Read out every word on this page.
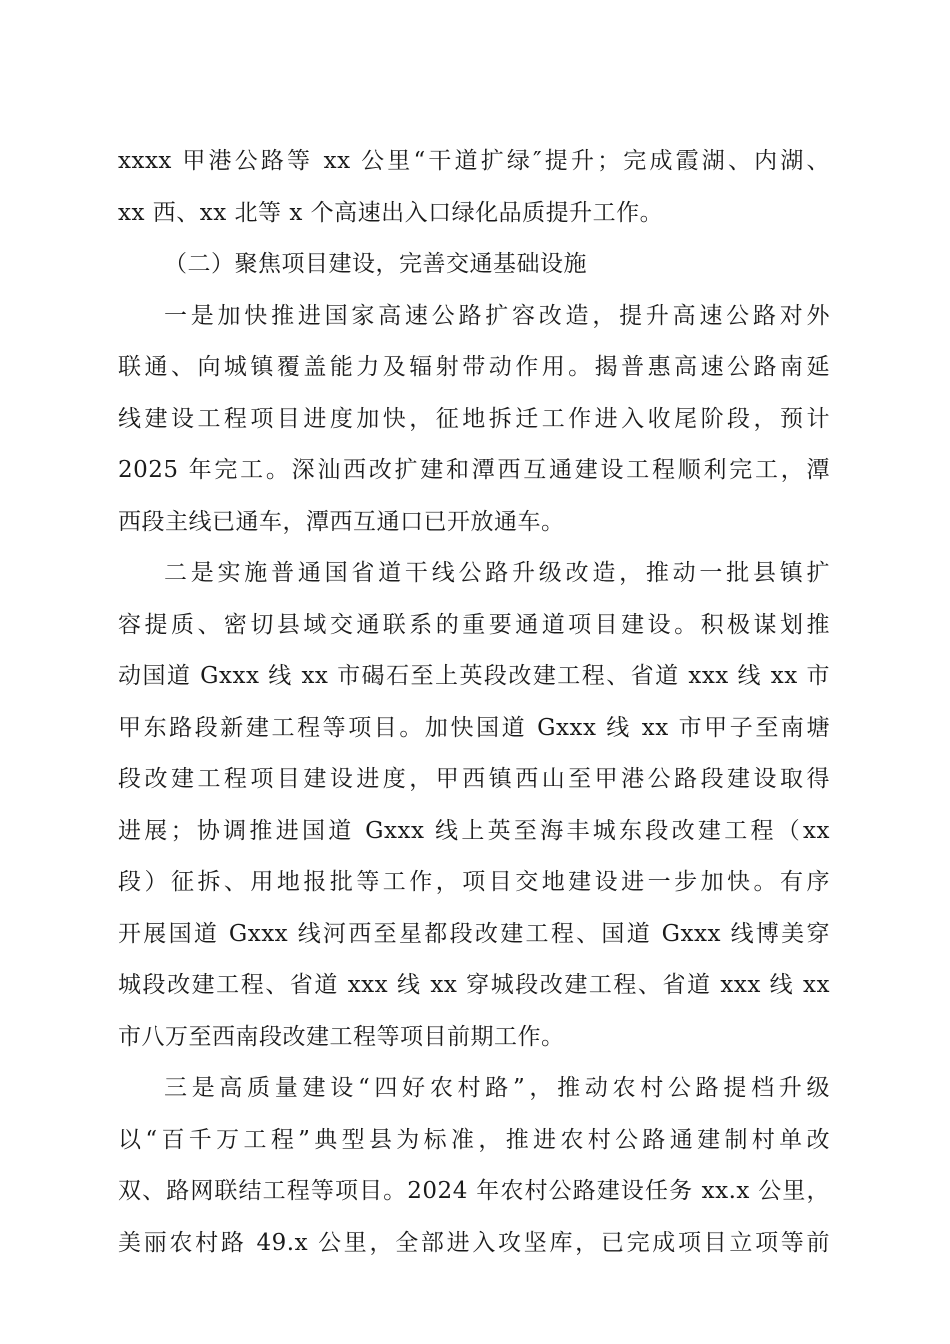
xxxx 甲港公路等 xx 公里“干道扩绿″提升；完成霞湖、内湖、
xx 西、xx 北等 x 个高速出入口绿化品质提升工作。
（二）聚焦项目建设，完善交通基础设施
一是加快推进国家高速公路扩容改造，提升高速公路对外
联通、向城镇覆盖能力及辐射带动作用。揭普惠高速公路南延
线建设工程项目进度加快，征地拆迁工作进入收尾阶段，预计
2025 年完工。深汕西改扩建和潭西互通建设工程顺利完工，潭
西段主线已通车，潭西互通口已开放通车。
二是实施普通国省道干线公路升级改造，推动一批县镇扩
容提质、密切县域交通联系的重要通道项目建设。积极谋划推
动国道 Gxxx 线 xx 市碣石至上英段改建工程、省道 xxx 线 xx 市
甲东路段新建工程等项目。加快国道 Gxxx 线 xx 市甲子至南塘
段改建工程项目建设进度，甲西镇西山至甲港公路段建设取得
进展；协调推进国道 Gxxx 线上英至海丰城东段改建工程（xx
段）征拆、用地报批等工作，项目交地建设进一步加快。有序
开展国道 Gxxx 线河西至星都段改建工程、国道 Gxxx 线博美穿
城段改建工程、省道 xxx 线 xx 穿城段改建工程、省道 xxx 线 xx
市八万至西南段改建工程等项目前期工作。
三是高质量建设“四好农村路”，推动农村公路提档升级
以“百千万工程”典型县为标准，推进农村公路通建制村单改
双、路网联结工程等项目。2024 年农村公路建设任务 xx.x 公里，
美丽农村路 49.x 公里，全部进入攻坚库，已完成项目立项等前
